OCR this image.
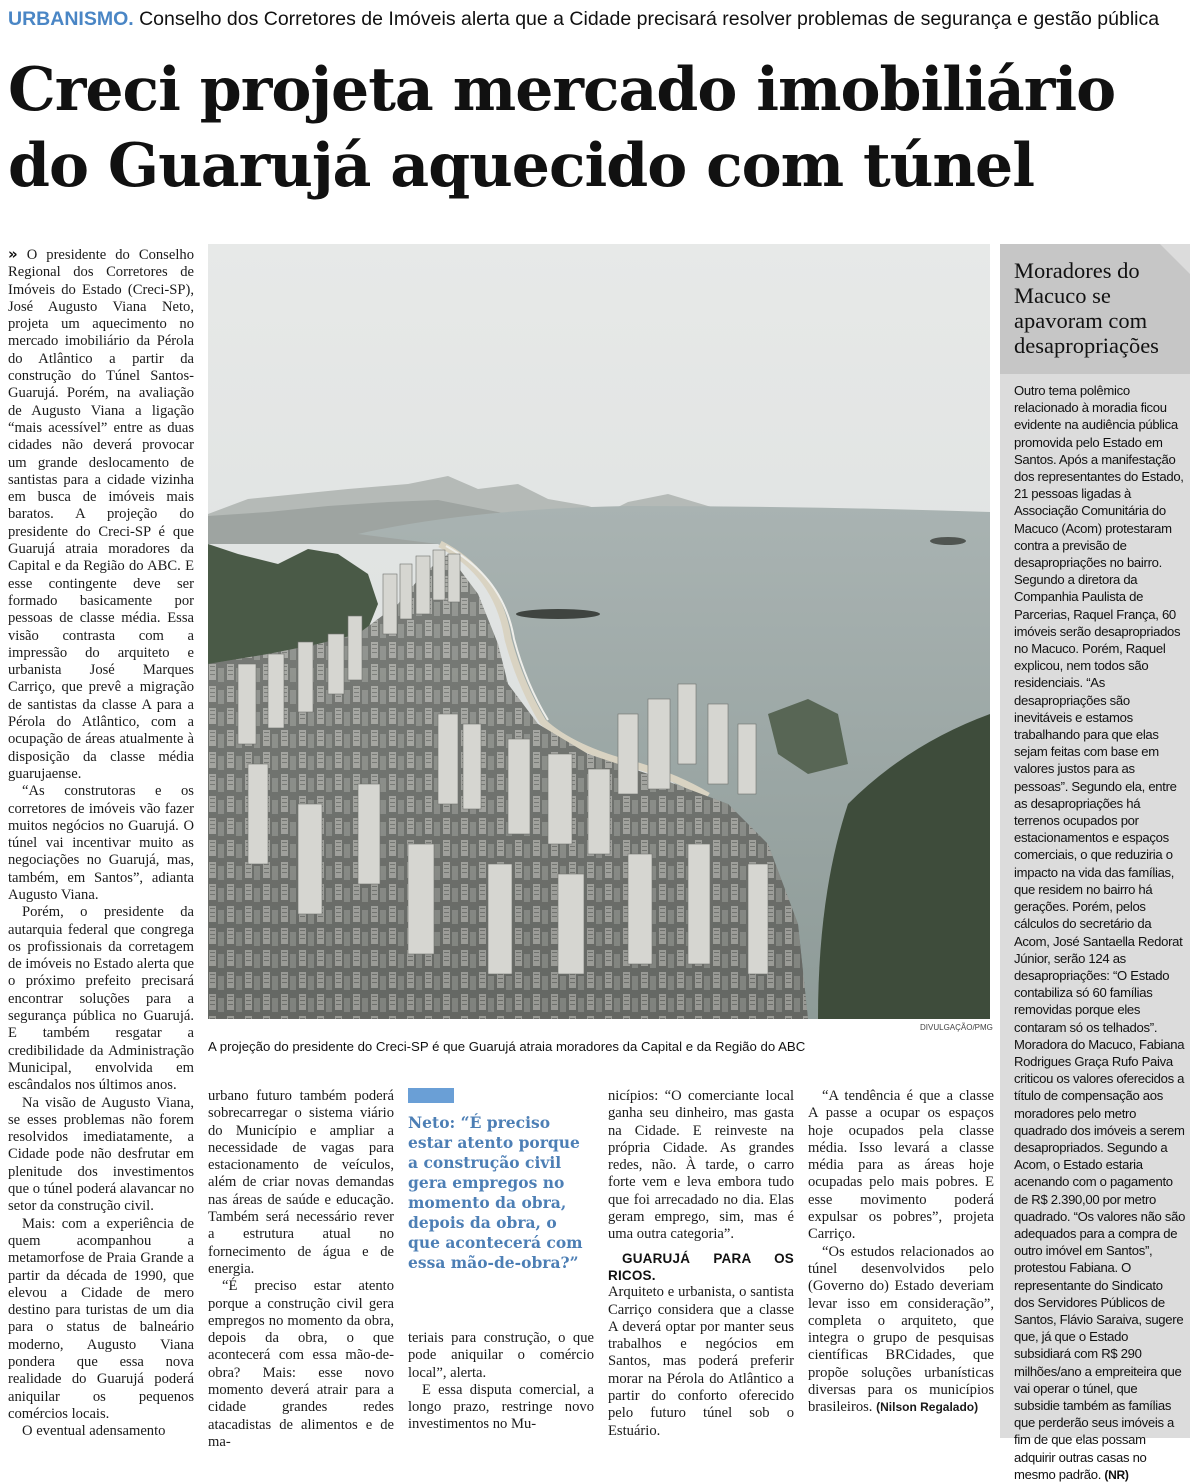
URBANISMO. Conselho dos Corretores de Imóveis alerta que a Cidade precisará resolver problemas de segurança e gestão pública
Creci projeta mercado imobiliário
do Guarujá aquecido com túnel

» O presidente do Conselho Regional dos Corretores de Imóveis do Estado (Creci-SP), José Augusto Viana Neto, projeta um aquecimento no mercado imobiliário da Pérola do Atlântico a partir da construção do Túnel Santos-Guarujá. Porém, na avaliação de Augusto Viana a ligação “mais acessível” entre as duas cidades não deverá provocar um grande deslocamento de santistas para a cidade vizinha em busca de imóveis mais baratos. A projeção do presidente do Creci-SP é que Guarujá atraia moradores da Capital e da Região do ABC. E esse contingente deve ser formado basicamente por pessoas de classe média. Essa visão contrasta com a impressão do arquiteto e urbanista José Marques Carriço, que prevê a migração de santistas da classe A para a Pérola do Atlântico, com a ocupação de áreas atualmente à disposição da classe média guarujaense.

“As construtoras e os corretores de imóveis vão fazer muitos negócios no Guarujá. O túnel vai incentivar muito as negociações no Guarujá, mas, também, em Santos”, adianta Augusto Viana.

Porém, o presidente da autarquia federal que congrega os profissionais da corretagem de imóveis no Estado alerta que o próximo prefeito precisará encontrar soluções para a segurança pública no Guarujá. E também resgatar a credibilidade da Administração Municipal, envolvida em escândalos nos últimos anos.

Na visão de Augusto Viana, se esses problemas não forem resolvidos imediatamente, a Cidade pode não desfrutar em plenitude dos investimentos que o túnel poderá alavancar no setor da construção civil.

Mais: com a experiência de quem acompanhou a metamorfose de Praia Grande a partir da década de 1990, que elevou a Cidade de mero destino para turistas de um dia para o status de balneário moderno, Augusto Viana pondera que essa nova realidade do Guarujá poderá aniquilar os pequenos comércios locais.

O eventual adensamento

DIVULGAÇÃO/PMG
A projeção do presidente do Creci-SP é que Guarujá atraia moradores da Capital e da Região do ABC

urbano futuro também poderá sobrecarregar o sistema viário do Município e ampliar a necessidade de vagas para estacionamento de veículos, além de criar novas demandas nas áreas de saúde e educação. Também será necessário rever a estrutura atual no fornecimento de água e de energia.

“É preciso estar atento porque a construção civil gera empregos no momento da obra, depois da obra, o que acontecerá com essa mão-de-obra? Mais: esse novo momento deverá atrair para a cidade grandes redes atacadistas de alimentos e de ma-

Neto: “É preciso estar atento porque a construção civil gera empregos no momento da obra, depois da obra, o que acontecerá com essa mão-de-obra?”

teriais para construção, o que pode aniquilar o comércio local”, alerta.

E essa disputa comercial, a longo prazo, restringe novo investimentos no Mu-

nicípios: “O comerciante local ganha seu dinheiro, mas gasta na Cidade. E reinveste na própria Cidade. As grandes redes, não. À tarde, o carro forte vem e leva embora tudo que foi arrecadado no dia. Elas geram emprego, sim, mas é uma outra categoria”.

GUARUJÁ PARA OS RICOS.

Arquiteto e urbanista, o santista Carriço considera que a classe A deverá optar por manter seus trabalhos e negócios em Santos, mas poderá preferir morar na Pérola do Atlântico a partir do conforto oferecido pelo futuro túnel sob o Estuário.

“A tendência é que a classe A passe a ocupar os espaços hoje ocupados pela classe média. Isso levará a classe média para as áreas hoje ocupadas pelo mais pobres. E esse movimento poderá expulsar os pobres”, projeta Carriço.

“Os estudos relacionados ao túnel desenvolvidos pelo (Governo do) Estado deveriam levar isso em consideração”, completa o arquiteto, que integra o grupo de pesquisas científicas BRCidades, que propõe soluções urbanísticas diversas para os municípios brasileiros. (Nilson Regalado)

Moradores do Macuco se apavoram com desapropriações
Outro tema polêmico relacionado à moradia ficou evidente na audiência pública promovida pelo Estado em Santos. Após a manifestação dos representantes do Estado, 21 pessoas ligadas à Associação Comunitária do Macuco (Acom) protestaram contra a previsão de desapropriações no bairro. Segundo a diretora da Companhia Paulista de Parcerias, Raquel França, 60 imóveis serão desapropriados no Macuco. Porém, Raquel explicou, nem todos são residenciais. “As desapropriações são inevitáveis e estamos trabalhando para que elas sejam feitas com base em valores justos para as pessoas”. Segundo ela, entre as desapropriações há terrenos ocupados por estacionamentos e espaços comerciais, o que reduziria o impacto na vida das famílias, que residem no bairro há gerações. Porém, pelos cálculos do secretário da Acom, José Santaella Redorat Júnior, serão 124 as desapropriações: “O Estado contabiliza só 60 famílias removidas porque eles contaram só os telhados”. Moradora do Macuco, Fabiana Rodrigues Graça Rufo Paiva criticou os valores oferecidos a título de compensação aos moradores pelo metro quadrado dos imóveis a serem desapropriados. Segundo a Acom, o Estado estaria acenando com o pagamento de R$ 2.390,00 por metro quadrado. “Os valores não são adequados para a compra de outro imóvel em Santos”, protestou Fabiana. O representante do Sindicato dos Servidores Públicos de Santos, Flávio Saraiva, sugere que, já que o Estado subsidiará com R$ 290 milhões/ano a empreiteira que vai operar o túnel, que subsidie também as famílias que perderão seus imóveis a fim de que elas possam adquirir outras casas no mesmo padrão. (NR)
